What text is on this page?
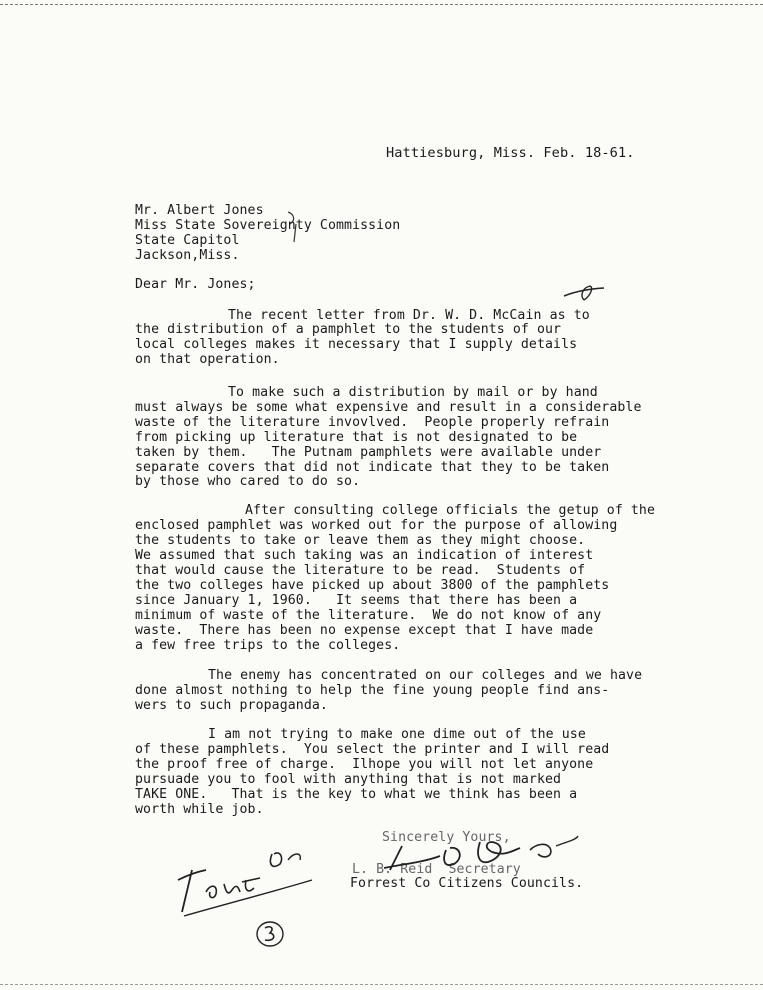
Hattiesburg, Miss. Feb. 18-61.
Mr. Albert Jones
Miss State Sovereignty Commission
State Capitol
Jackson,Miss.
Dear Mr. Jones;
The recent letter from Dr. W. D. McCain as to
the distribution of a pamphlet to the students of our
local colleges makes it necessary that I supply details
on that operation.
To make such a distribution by mail or by hand
must always be some what expensive and result in a considerable
waste of the literature invovlved.  People properly refrain
from picking up literature that is not designated to be
taken by them.   The Putnam pamphlets were available under
separate covers that did not indicate that they to be taken
by those who cared to do so.
After consulting college officials the getup of the
enclosed pamphlet was worked out for the purpose of allowing
the students to take or leave them as they might choose.
We assumed that such taking was an indication of interest
that would cause the literature to be read.  Students of
the two colleges have picked up about 3800 of the pamphlets
since January 1, 1960.   It seems that there has been a
minimum of waste of the literature.  We do not know of any
waste.  There has been no expense except that I have made
a few free trips to the colleges.
The enemy has concentrated on our colleges and we have
done almost nothing to help the fine young people find ans-
wers to such propaganda.
I am not trying to make one dime out of the use
of these pamphlets.  You select the printer and I will read
the proof free of charge.  Ilhope you will not let anyone
pursuade you to fool with anything that is not marked
TAKE ONE.   That is the key to what we think has been a
worth while job.
Sincerely Yours,
L. B. Reid  Secretary
Forrest Co Citizens Councils.
